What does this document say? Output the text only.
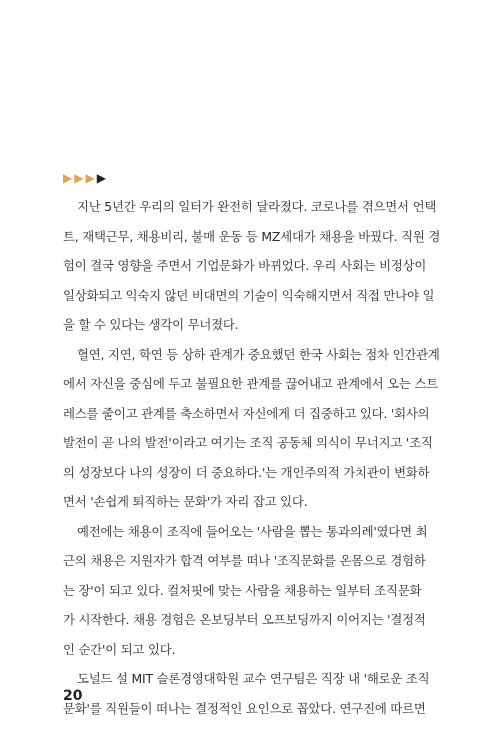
▶ ▶ ▶ ▶
지난 5년간 우리의 일터가 완전히 달라졌다. 코로나를 겪으면서 언택
트, 재택근무, 채용비리, 불매 운동 등 MZ세대가 채용을 바꿨다. 직원 경
험이 결국 영향을 주면서 기업문화가 바뀌었다. 우리 사회는 비정상이
일상화되고 익숙지 않던 비대면의 기술이 익숙해지면서 직접 만나야 일
을 할 수 있다는 생각이 무너졌다.
혈연, 지연, 학연 등 상하 관계가 중요했던 한국 사회는 점차 인간관계
에서 자신을 중심에 두고 불필요한 관계를 끊어내고 관계에서 오는 스트
레스를 줄이고 관계를 축소하면서 자신에게 더 집중하고 있다. '회사의
발전이 곧 나의 발전'이라고 여기는 조직 공동체 의식이 무너지고 '조직
의 성장보다 나의 성장이 더 중요하다.'는 개인주의적 가치관이 변화하
면서 '손쉽게 퇴직하는 문화'가 자리 잡고 있다.
예전에는 채용이 조직에 들어오는 '사람을 뽑는 통과의례'였다면 최
근의 채용은 지원자가 합격 여부를 떠나 '조직문화를 온몸으로 경험하
는 장'이 되고 있다. 컬처핏에 맞는 사람을 채용하는 일부터 조직문화
가 시작한다. 채용 경험은 온보딩부터 오프보딩까지 이어지는 '결정적
인 순간'이 되고 있다.
도널드 설 MIT 슬론경영대학원 교수 연구팀은 직장 내 '해로운 조직
문화'를 직원들이 떠나는 결정적인 요인으로 꼽았다. 연구진에 따르면
20
